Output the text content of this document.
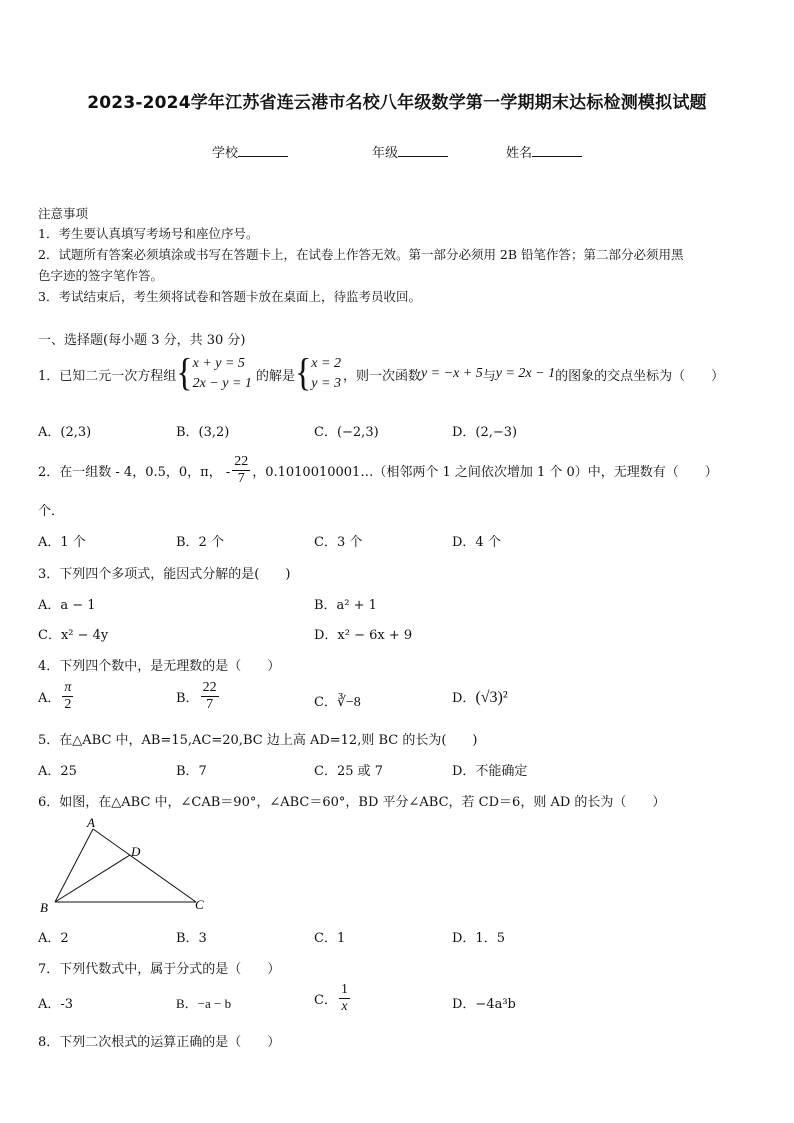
2023-2024学年江苏省连云港市名校八年级数学第一学期期末达标检测模拟试题
学校	年级	姓名
注意事项
1．考生要认真填写考场号和座位序号。
2．试题所有答案必须填涂或书写在答题卡上，在试卷上作答无效。第一部分必须用 2B 铅笔作答；第二部分必须用黑
色字迹的签字笔作答。
3．考试结束后，考生须将试卷和答题卡放在桌面上，待监考员收回。
一、选择题(每小题 3 分，共 30 分)
1．已知二元一次方程组 { x + y = 5
2x − y = 1 的解是 { x = 2
y = 3 ，则一次函数 y = −x + 5 与 y = 2x − 1 的图象的交点坐标为（　　）
A．(2,3)	B．(3,2)	C．(−2,3)	D．(2,−3)
2．在一组数 - 4，0.5，0，π， - $\frac{22}{7}$ ，0.1010010001…（相邻两个 1 之间依次增加 1 个 0）中，无理数有（　　）
个．
A．1 个	B．2 个	C．3 个	D．4 个
3．下列四个多项式，能因式分解的是(　　)
A．a − 1	B．a² + 1
C．x² − 4y	D．x² − 6x + 9
4．下列四个数中，是无理数的是（　　）
A． $\frac{\pi}{2}$	B． $\frac{22}{7}$	C．∛−8	D．(√3)²
5．在△ABC 中，AB=15,AC=20,BC 边上高 AD=12,则 BC 的长为(　　)
A．25	B．7	C．25 或 7	D．不能确定
6．如图，在△ABC 中，∠CAB＝90°，∠ABC＝60°，BD 平分∠ABC，若 CD＝6，则 AD 的长为（　　）
A
B	C
D
A．2	B．3	C．1	D．1．5
7．下列代数式中，属于分式的是（　　）
A．-3	B．−a − b	C． $\frac{1}{x}$	D．−4a³b
8．下列二次根式的运算正确的是（　　）
